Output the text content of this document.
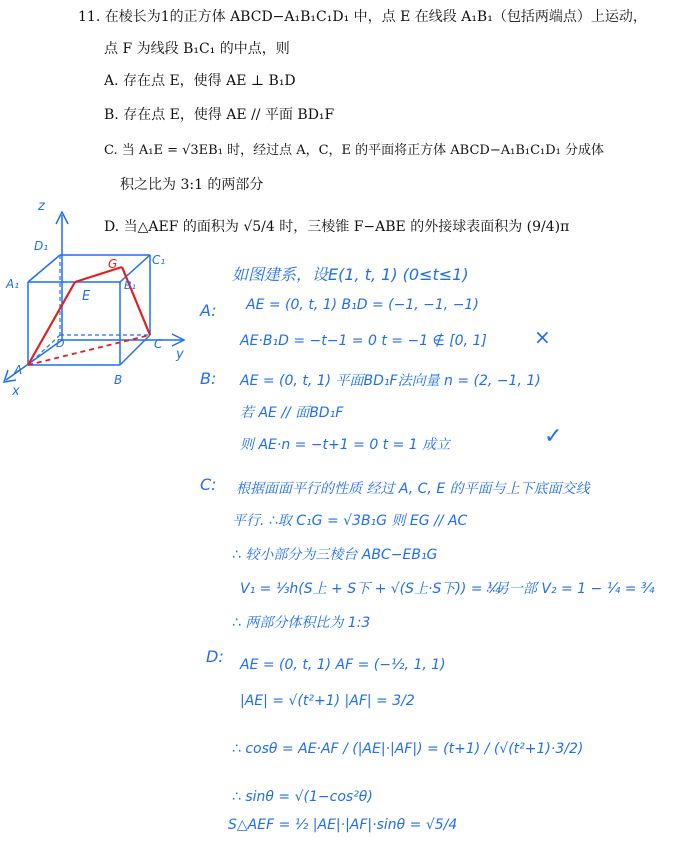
11. 在棱长为1的正方体 ABCD−A₁B₁C₁D₁ 中，点 E 在线段 A₁B₁（包括两端点）上运动，
点 F 为线段 B₁C₁ 的中点，则
A. 存在点 E，使得 AE ⊥ B₁D
B. 存在点 E，使得 AE // 平面 BD₁F
C. 当 A₁E = √3EB₁ 时，经过点 A，C，E 的平面将正方体 ABCD−A₁B₁C₁D₁ 分成体
积之比为 3:1 的两部分
D. 当△AEF 的面积为 √5/4 时，三棱锥 F−ABE 的外接球表面积为 (9/4)π
z
y
x
D₁
A₁
C₁
B₁
G
E
D	C
A
B
如图建系，设E(1, t, 1) (0≤t≤1)
A: AE = (0, t, 1) B₁D = (−1, −1, −1)
AE·B₁D = −t−1 = 0 t = −1 ∉ [0, 1] ×
B: AE = (0, t, 1) 平面BD₁F法向量 n = (2, −1, 1)
若 AE // 面BD₁F
则 AE·n = −t+1 = 0 t = 1 成立	✓
C: 根据面面平行的性质 经过 A, C, E 的平面与上下底面交线
平行. ∴取 C₁G = √3B₁G 则 EG // AC
∴ 较小部分为三棱台 ABC−EB₁G
V₁ = ⅓h(S上 + S下 + √(S上·S下)) = ¼
∴另一部 V₂ = 1 − ¼ = ¾
∴ 两部分体积比为 1:3
D: AE = (0, t, 1) AF = (−½, 1, 1)
|AE| = √(t²+1) |AF| = 3/2
∴ cosθ = AE·AF / (|AE|·|AF|) = (t+1) / (√(t²+1)·3/2)
∴ sinθ = √(1−cos²θ)
S△AEF = ½ |AE|·|AF|·sinθ = √5/4
